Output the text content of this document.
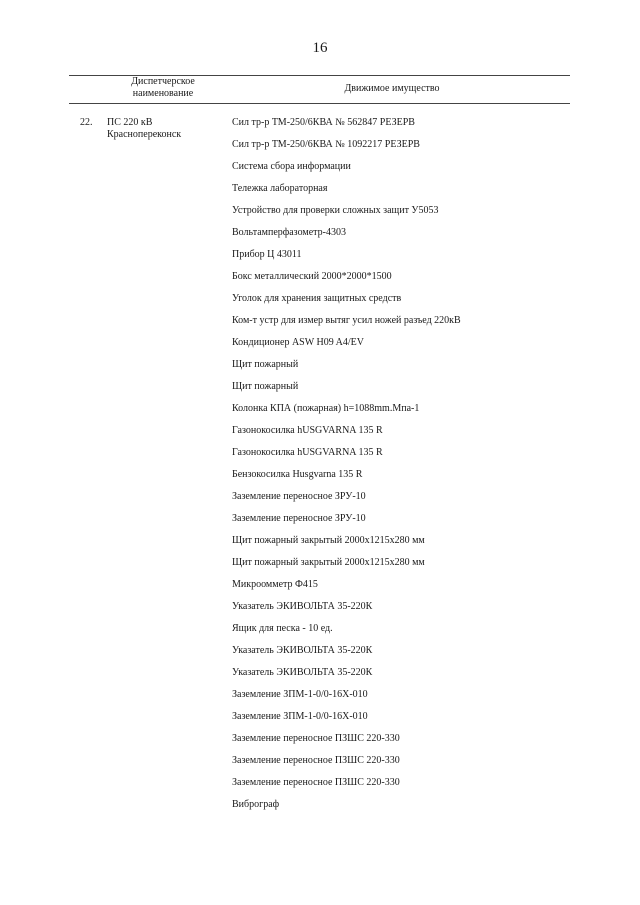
16
Диспетчерское наименование	Движимое имущество
22. ПС 220 кВ Краснопереконск
Сил тр-р ТМ-250/6КВА № 562847 РЕЗЕРВ
Сил тр-р ТМ-250/6КВА № 1092217 РЕЗЕРВ
Система сбора информации
Тележка лабораторная
Устройство для проверки сложных защит У5053
Вольтамперфазометр-4303
Прибор Ц 43011
Бокс металлический 2000*2000*1500
Уголок для хранения защитных средств
Ком-т устр для измер вытяг усил ножей разъед 220кВ
Кондиционер ASW H09 A4/EV
Щит пожарный
Щит пожарный
Колонка КПА (пожарная) h=1088mm.Mпа-1
Газонокосилка hUSGVARNA 135 R
Газонокосилка hUSGVARNA 135 R
Бензокосилка Husgvarna 135 R
Заземление переносное ЗРУ-10
Заземление переносное ЗРУ-10
Щит пожарный закрытый 2000х1215х280 мм
Щит пожарный закрытый 2000х1215х280 мм
Микроомметр Ф415
Указатель ЭКИВОЛЬТА 35-220К
Ящик для песка - 10 ед.
Указатель ЭКИВОЛЬТА 35-220К
Указатель ЭКИВОЛЬТА 35-220К
Заземление ЗПМ-1-0/0-16Х-010
Заземление ЗПМ-1-0/0-16Х-010
Заземление переносное ПЗШС 220-330
Заземление переносное ПЗШС 220-330
Заземление переносное ПЗШС 220-330
Виброграф
